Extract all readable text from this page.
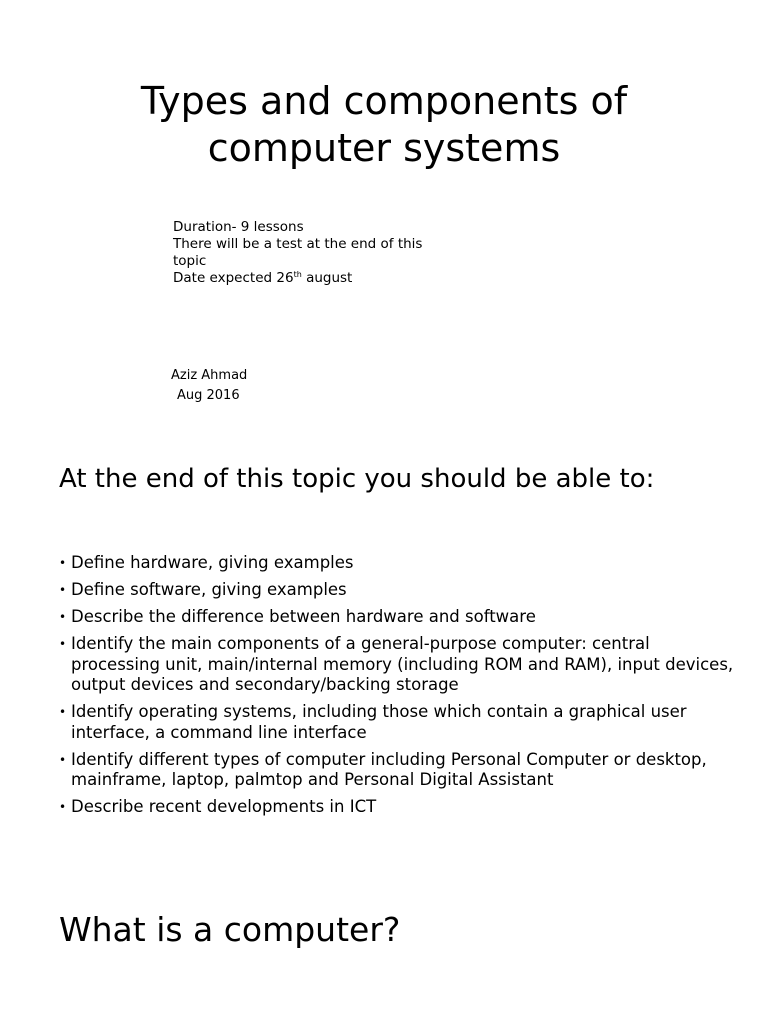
Types and components of
computer systems
Duration- 9 lessons
There will be a test at the end of this
topic
Date expected 26th august
Aziz Ahmad
Aug 2016
At the end of this topic you should be able to:
• Define hardware, giving examples
• Define software, giving examples
• Describe the difference between hardware and software
• Identify the main components of a general-purpose computer: central processing unit, main/internal memory (including ROM and RAM), input devices, output devices and secondary/backing storage
• Identify operating systems, including those which contain a graphical user interface, a command line interface
• Identify different types of computer including Personal Computer or desktop, mainframe, laptop, palmtop and Personal Digital Assistant
• Describe recent developments in ICT
What is a computer?
